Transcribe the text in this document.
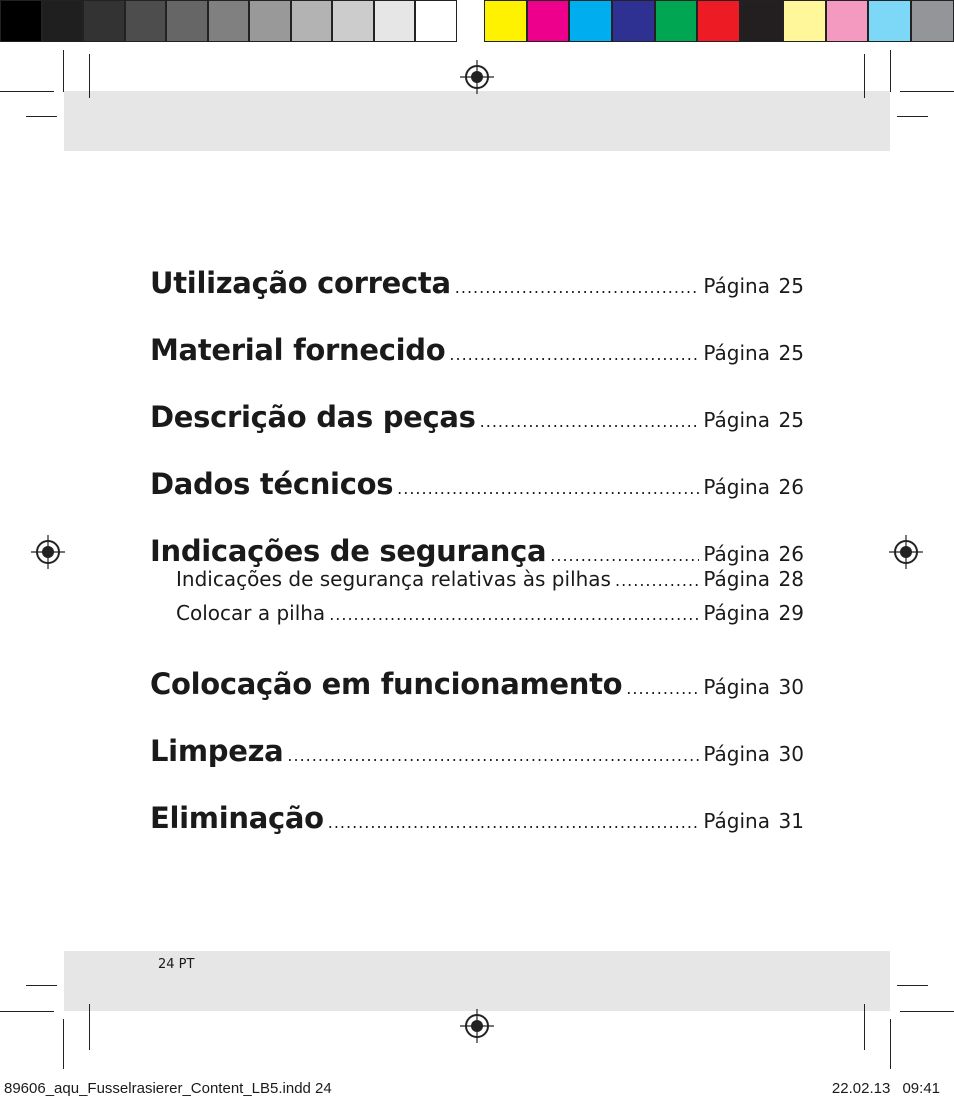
Utilização correcta .....	Página 25
Material fornecido .....	Página 25
Descrição das peças .....	Página 25
Dados técnicos .....	Página 26
Indicações de segurança .....	Página 26
Indicações de segurança relativas às pilhas .....	Página 28
Colocar a pilha .....	Página 29
Colocação em funcionamento .....	Página 30
Limpeza .....	Página 30
Eliminação .....	Página 31
24 PT
89606_aqu_Fusselrasierer_Content_LB5.indd 24	22.02.13 09:41
